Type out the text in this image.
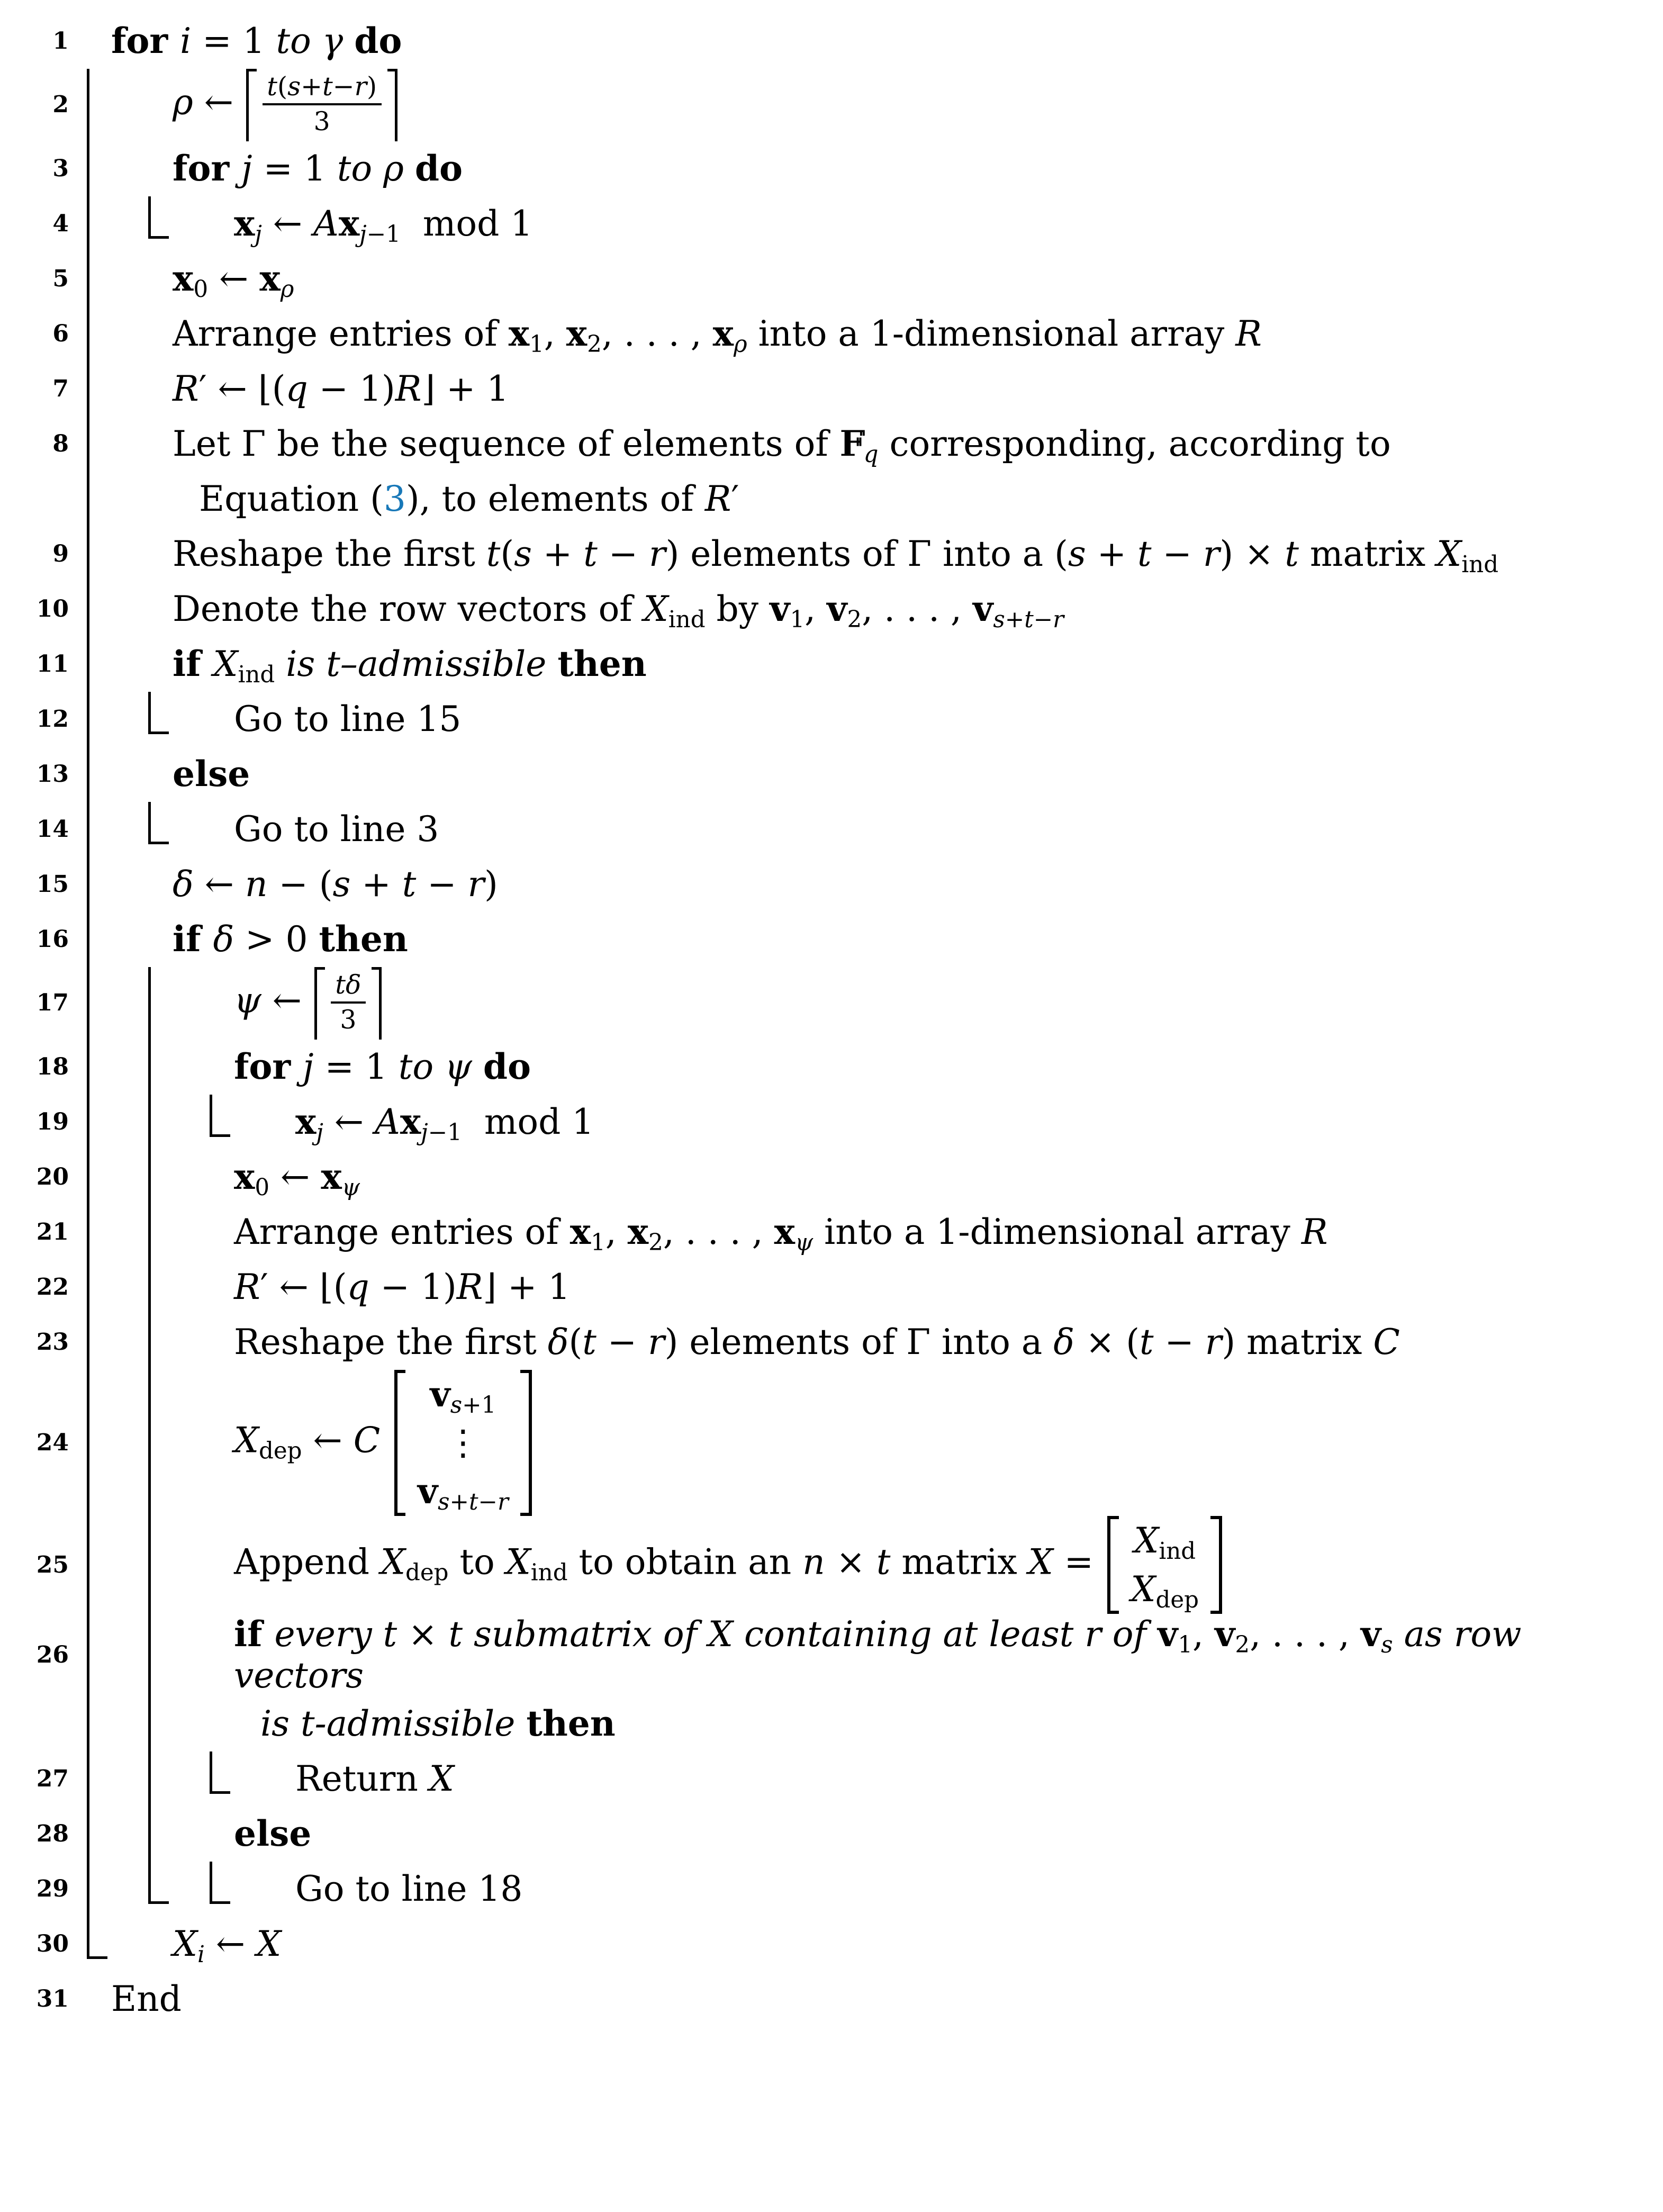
1	for i = 1 to γ do
2	ρ ← $\frac{t(s+t-r)}{3}$
3	for j = 1 to ρ do
4	$x_j$ ← $Ax_{j-1}$  mod 1
5	$x_0$ ← $x_\rho$
6	Arrange entries of $x_1$, $x_2$, . . . , $x_\rho$ into a 1-dimensional array R
7	R′ ← ⌊(q − 1)R⌋ + 1
8	Let Γ be the sequence of elements of F $F_q$ corresponding, according to
Equation (3), to elements of R′
9	Reshape the first t(s + t − r) elements of Γ into a (s + t − r) × t matrix $X_{ind}$
10	Denote the row vectors of $X_{ind}$ by $v_1$, $v_2$, . . . , $v_{s+t-r}$
11	if $X_{ind}$ is t–admissible then
12	Go to line 15
13	else
14	Go to line 3
15	δ ← n − (s + t − r)
16	if δ > 0 then
17	ψ ← $\frac{t\delta}{3}$
18	for j = 1 to ψ do
19	$x_j$ ← $Ax_{j-1}$  mod 1
20	$x_0$ ← $x_\psi$
21	Arrange entries of $x_1$, $x_2$, . . . , $x_\psi$ into a 1-dimensional array R
22	R′ ← ⌊(q − 1)R⌋ + 1
23	Reshape the first δ(t − r) elements of Γ into a δ × (t − r) matrix C
24	$X_{dep}$ ← C
$v_{s+1}$
⋮
$v_{s+t-r}$
25	Append $X_{dep}$ to $X_{ind}$ to obtain an n × t matrix X =
$X_{ind}$
$X_{dep}$
26
if every t × t submatrix of X containing at least r of $v_1$, $v_2$, . . . , $v_s$ as row vectors
is t-admissible then
27	Return X
28	else
29	Go to line 18
30	$X_i$ ← X
31	End
